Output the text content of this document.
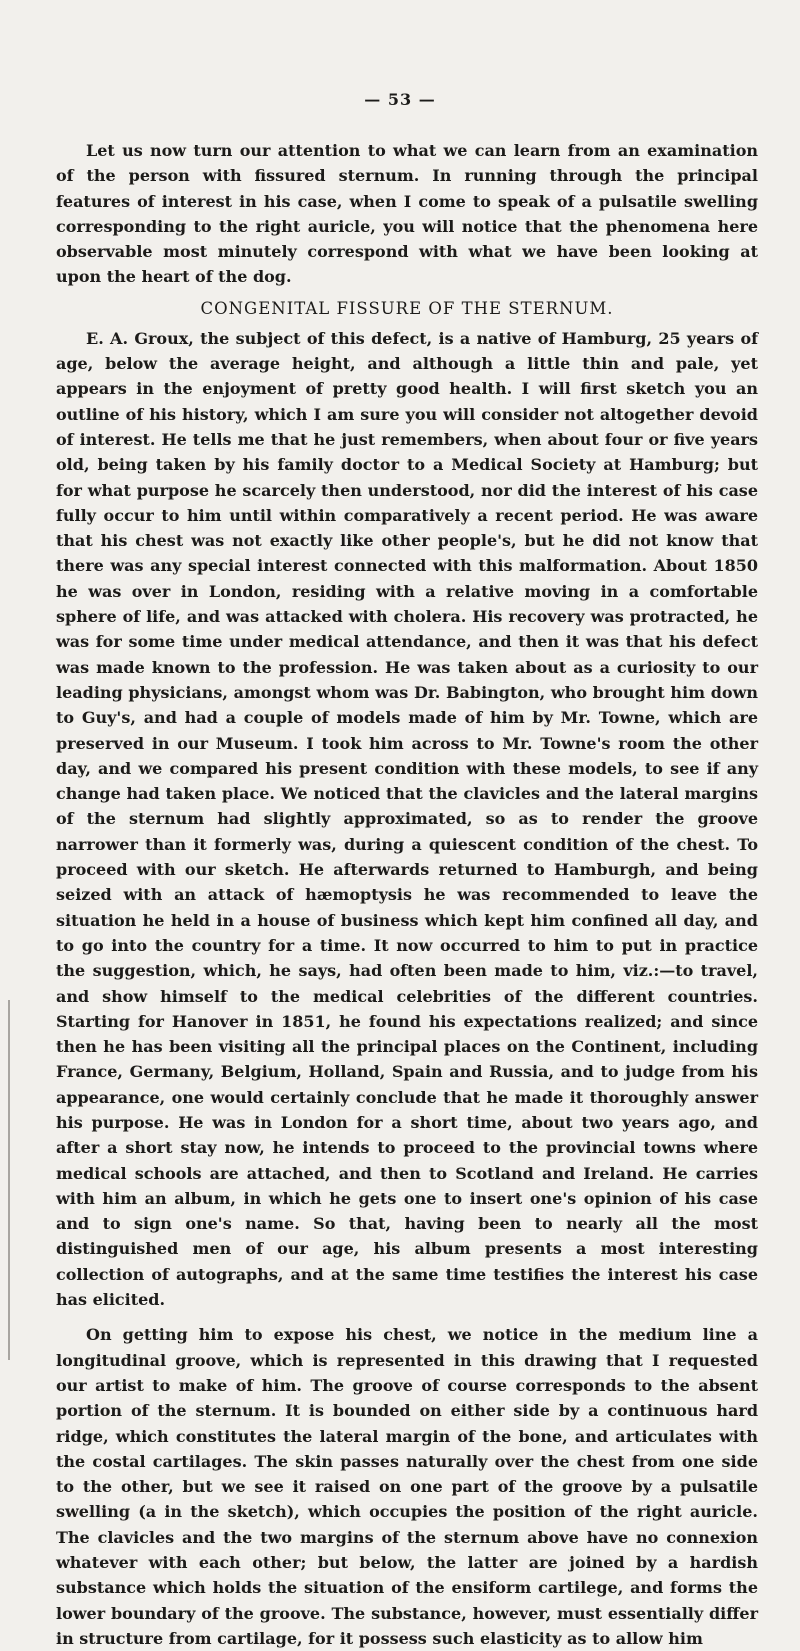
— 53 —

Let us now turn our attention to what we can learn from an examination of the person with fissured sternum. In running through the principal features of interest in his case, when I come to speak of a pulsatile swelling corresponding to the right auricle, you will notice that the phenomena here observable most minutely correspond with what we have been looking at upon the heart of the dog.

CONGENITAL FISSURE OF THE STERNUM.

E. A. Groux, the subject of this defect, is a native of Hamburg, 25 years of age, below the average height, and although a little thin and pale, yet appears in the enjoyment of pretty good health. I will first sketch you an outline of his history, which I am sure you will consider not altogether devoid of interest. He tells me that he just remembers, when about four or five years old, being taken by his family doctor to a Medical Society at Hamburg; but for what purpose he scarcely then understood, nor did the interest of his case fully occur to him until within comparatively a recent period. He was aware that his chest was not exactly like other people's, but he did not know that there was any special interest connected with this malformation. About 1850 he was over in London, residing with a relative moving in a comfortable sphere of life, and was attacked with cholera. His recovery was protracted, he was for some time under medical attendance, and then it was that his defect was made known to the profession. He was taken about as a curiosity to our leading physicians, amongst whom was Dr. Babington, who brought him down to Guy's, and had a couple of models made of him by Mr. Towne, which are preserved in our Museum. I took him across to Mr. Towne's room the other day, and we compared his present condition with these models, to see if any change had taken place. We noticed that the clavicles and the lateral margins of the sternum had slightly approximated, so as to render the groove narrower than it formerly was, during a quiescent condition of the chest. To proceed with our sketch. He afterwards returned to Hamburgh, and being seized with an attack of hæmoptysis he was recommended to leave the situation he held in a house of business which kept him confined all day, and to go into the country for a time. It now occurred to him to put in practice the suggestion, which, he says, had often been made to him, viz.:—to travel, and show himself to the medical celebrities of the different countries. Starting for Hanover in 1851, he found his expectations realized; and since then he has been visiting all the principal places on the Continent, including France, Germany, Belgium, Holland, Spain and Russia, and to judge from his appearance, one would certainly conclude that he made it thoroughly answer his purpose. He was in London for a short time, about two years ago, and after a short stay now, he intends to proceed to the provincial towns where medical schools are attached, and then to Scotland and Ireland. He carries with him an album, in which he gets one to insert one's opinion of his case and to sign one's name. So that, having been to nearly all the most distinguished men of our age, his album presents a most interesting collection of autographs, and at the same time testifies the interest his case has elicited.

On getting him to expose his chest, we notice in the medium line a longitudinal groove, which is represented in this drawing that I requested our artist to make of him. The groove of course corresponds to the absent portion of the sternum. It is bounded on either side by a continuous hard ridge, which constitutes the lateral margin of the bone, and articulates with the costal cartilages. The skin passes naturally over the chest from one side to the other, but we see it raised on one part of the groove by a pulsatile swelling (a in the sketch), which occupies the position of the right auricle. The clavicles and the two margins of the sternum above have no connexion whatever with each other; but below, the latter are joined by a hardish substance which holds the situation of the ensiform cartilege, and forms the lower boundary of the groove. The substance, however, must essentially differ in structure from cartilage, for it possess such elasticity as to allow him
